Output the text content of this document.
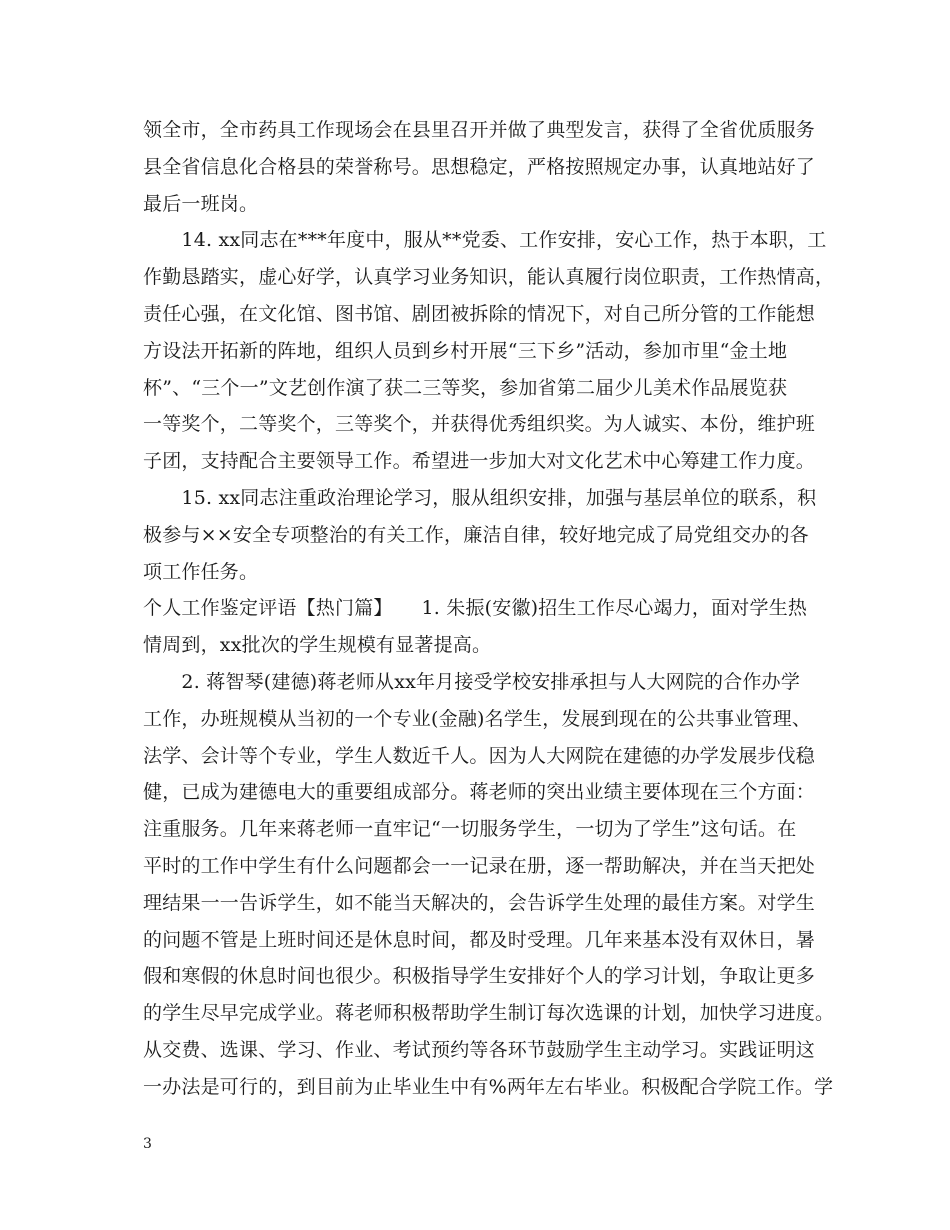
领全市，全市药具工作现场会在县里召开并做了典型发言，获得了全省优质服务
县全省信息化合格县的荣誉称号。思想稳定，严格按照规定办事，认真地站好了
最后一班岗。
　　14. xx同志在***年度中，服从**党委、工作安排，安心工作，热于本职，工
作勤恳踏实，虚心好学，认真学习业务知识，能认真履行岗位职责，工作热情高，
责任心强，在文化馆、图书馆、剧团被拆除的情况下，对自己所分管的工作能想
方设法开拓新的阵地，组织人员到乡村开展“三下乡”活动，参加市里“金土地
杯”、“三个一”文艺创作演了获二三等奖，参加省第二届少儿美术作品展览获
一等奖个，二等奖个，三等奖个，并获得优秀组织奖。为人诚实、本份，维护班
子团，支持配合主要领导工作。希望进一步加大对文化艺术中心筹建工作力度。
　　15. xx同志注重政治理论学习，服从组织安排，加强与基层单位的联系，积
极参与××安全专项整治的有关工作，廉洁自律，较好地完成了局党组交办的各
项工作任务。
个人工作鉴定评语【热门篇】　　1. 朱振(安徽)招生工作尽心竭力，面对学生热
情周到，xx批次的学生规模有显著提高。
　　2. 蒋智琴(建德)蒋老师从xx年月接受学校安排承担与人大网院的合作办学
工作，办班规模从当初的一个专业(金融)名学生，发展到现在的公共事业管理、
法学、会计等个专业，学生人数近千人。因为人大网院在建德的办学发展步伐稳
健，已成为建德电大的重要组成部分。蒋老师的突出业绩主要体现在三个方面：
注重服务。几年来蒋老师一直牢记“一切服务学生，一切为了学生”这句话。在
平时的工作中学生有什么问题都会一一记录在册，逐一帮助解决，并在当天把处
理结果一一告诉学生，如不能当天解决的，会告诉学生处理的最佳方案。对学生
的问题不管是上班时间还是休息时间，都及时受理。几年来基本没有双休日，暑
假和寒假的休息时间也很少。积极指导学生安排好个人的学习计划，争取让更多
的学生尽早完成学业。蒋老师积极帮助学生制订每次选课的计划，加快学习进度。
从交费、选课、学习、作业、考试预约等各环节鼓励学生主动学习。实践证明这
一办法是可行的，到目前为止毕业生中有%两年左右毕业。积极配合学院工作。学
3
